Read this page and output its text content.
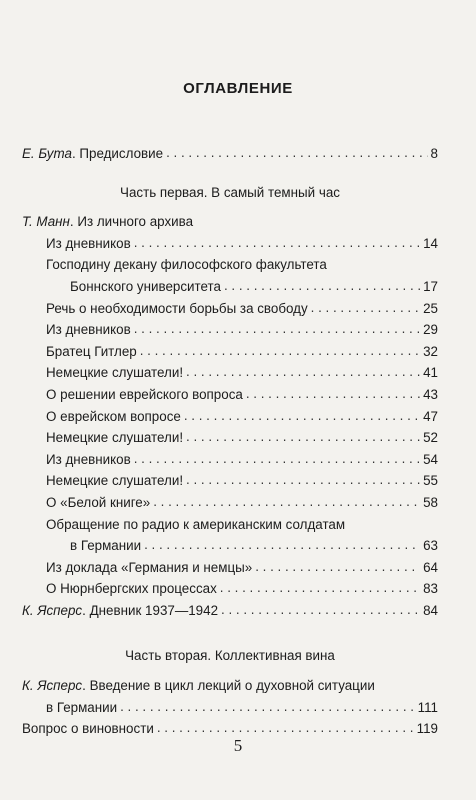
ОГЛАВЛЕНИЕ
Е. Бута. Предисловие . . .	8
Часть первая. В самый темный час
Т. Манн. Из личного архива
Из дневников . . .	14
Господину декану философского факультета
Боннского университета . . .	17
Речь о необходимости борьбы за свободу . . .	25
Из дневников . . .	29
Братец Гитлер . . .	32
Немецкие слушатели! . . .	41
О решении еврейского вопроса . . .	43
О еврейском вопросе . . .	47
Немецкие слушатели! . . .	52
Из дневников . . .	54
Немецкие слушатели! . . .	55
О «Белой книге» . . .	58
Обращение по радио к американским солдатам
в Германии . . .	63
Из доклада «Германия и немцы» . . .	64
О Нюрнбергских процессах . . .	83
К. Ясперс. Дневник 1937—1942 . . .	84
Часть вторая. Коллективная вина
К. Ясперс. Введение в цикл лекций о духовной ситуации
в Германии . . .	111
Вопрос о виновности . . .	119
5
